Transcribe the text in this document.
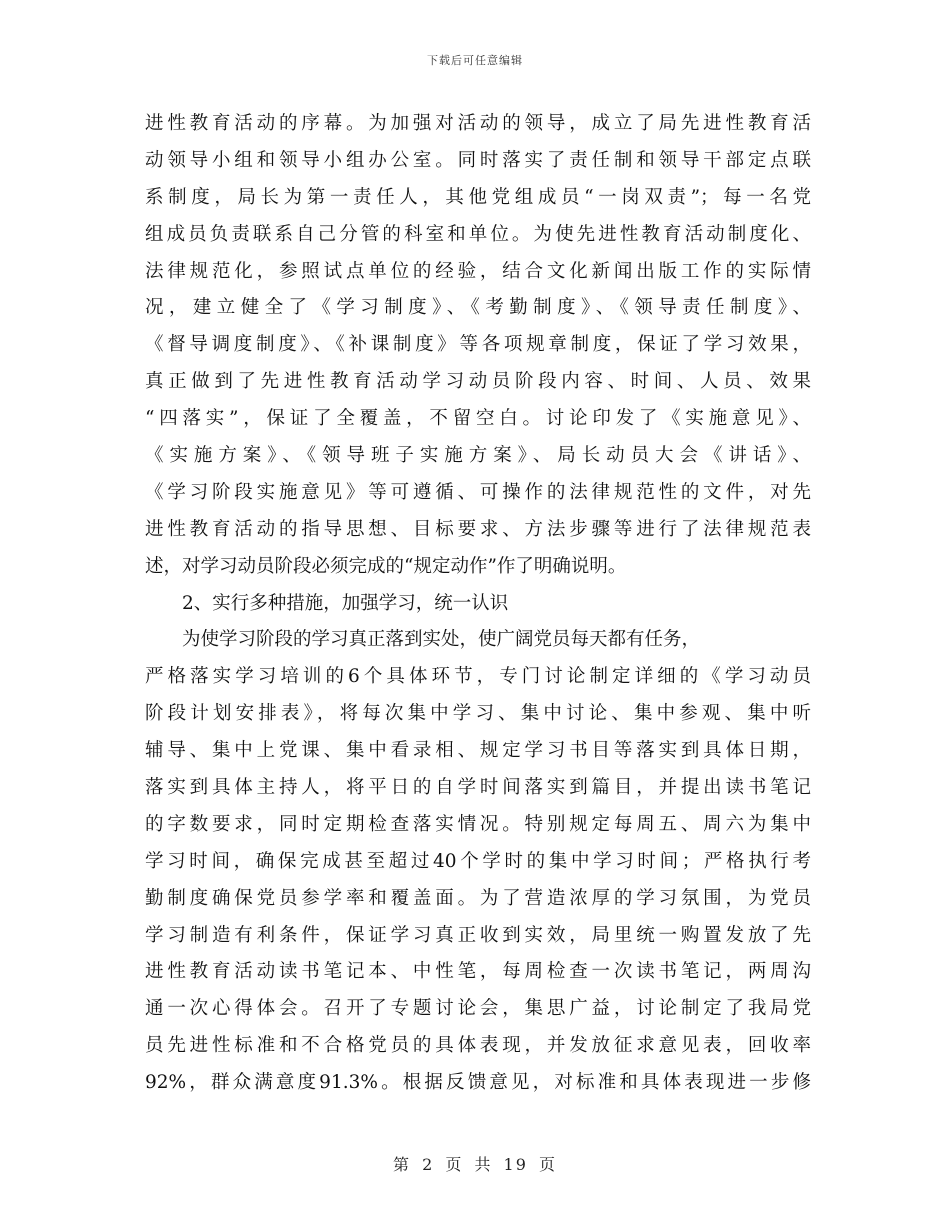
下载后可任意编辑
进性教育活动的序幕。为加强对活动的领导，成立了局先进性教育活
动领导小组和领导小组办公室。同时落实了责任制和领导干部定点联
系制度，局长为第一责任人，其他党组成员“一岗双责”；每一名党
组成员负责联系自己分管的科室和单位。为使先进性教育活动制度化、
法律规范化，参照试点单位的经验，结合文化新闻出版工作的实际情
况，建立健全了《学习制度》、《考勤制度》、《领导责任制度》、
《督导调度制度》、《补课制度》等各项规章制度，保证了学习效果，
真正做到了先进性教育活动学习动员阶段内容、时间、人员、效果
“四落实”，保证了全覆盖，不留空白。讨论印发了《实施意见》、
《实施方案》、《领导班子实施方案》、局长动员大会《讲话》、
《学习阶段实施意见》等可遵循、可操作的法律规范性的文件，对先
进性教育活动的指导思想、目标要求、方法步骤等进行了法律规范表
述，对学习动员阶段必须完成的“规定动作”作了明确说明。
2、实行多种措施，加强学习，统一认识
为使学习阶段的学习真正落到实处，使广阔党员每天都有任务，
严格落实学习培训的6个具体环节，专门讨论制定详细的《学习动员
阶段计划安排表》，将每次集中学习、集中讨论、集中参观、集中听
辅导、集中上党课、集中看录相、规定学习书目等落实到具体日期，
落实到具体主持人，将平日的自学时间落实到篇目，并提出读书笔记
的字数要求，同时定期检查落实情况。特别规定每周五、周六为集中
学习时间，确保完成甚至超过40个学时的集中学习时间；严格执行考
勤制度确保党员参学率和覆盖面。为了营造浓厚的学习氛围，为党员
学习制造有利条件，保证学习真正收到实效，局里统一购置发放了先
进性教育活动读书笔记本、中性笔，每周检查一次读书笔记，两周沟
通一次心得体会。召开了专题讨论会，集思广益，讨论制定了我局党
员先进性标准和不合格党员的具体表现，并发放征求意见表，回收率
92%，群众满意度91.3%。根据反馈意见，对标准和具体表现进一步修
第 2 页 共 19 页
